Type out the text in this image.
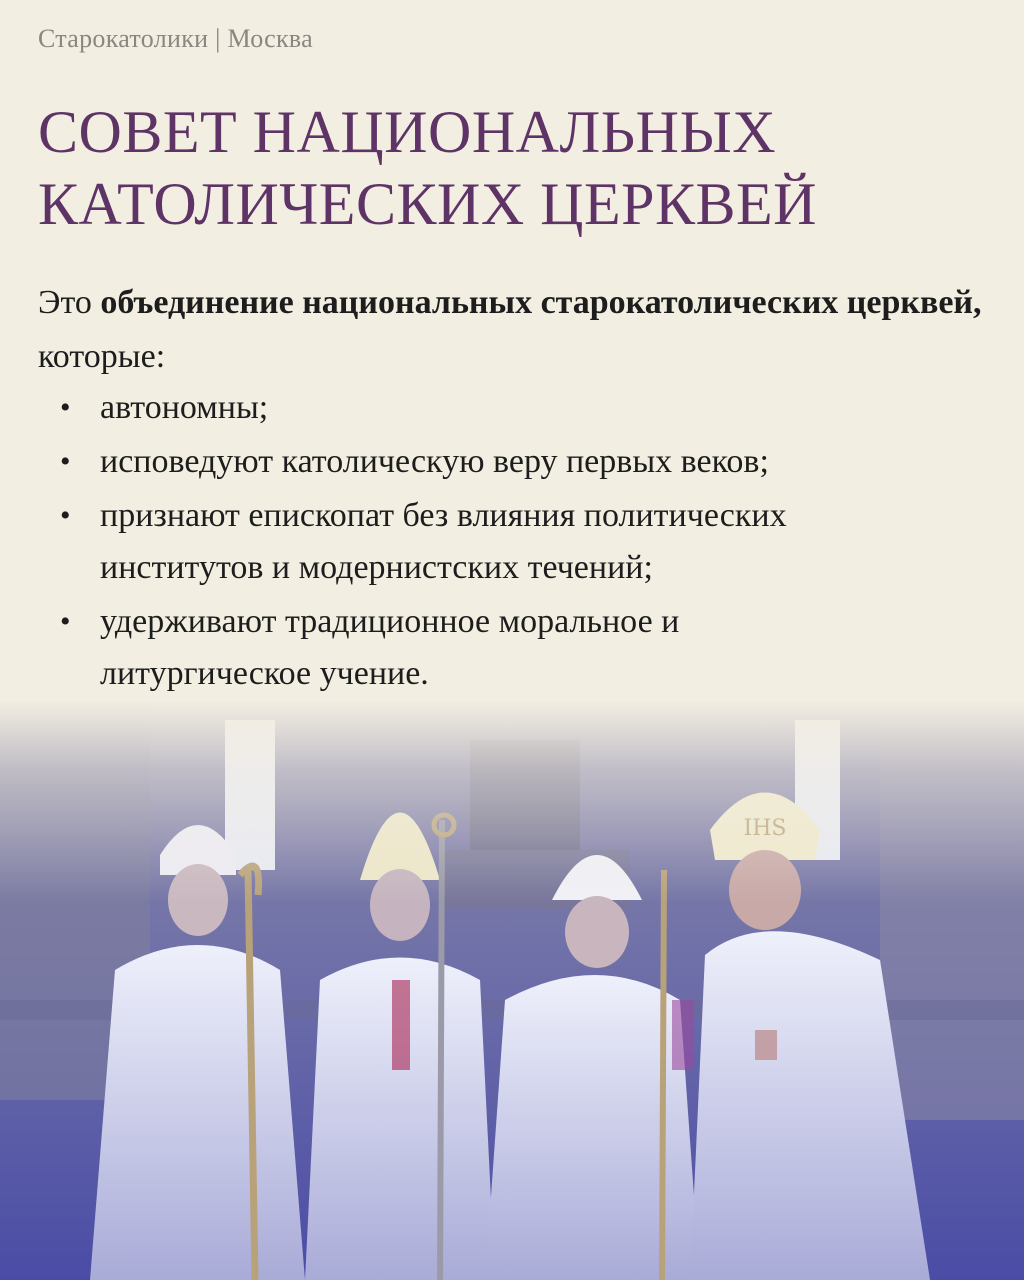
Старокатолики | Москва
СОВЕТ НАЦИОНАЛЬНЫХ
КАТОЛИЧЕСКИХ ЦЕРКВЕЙ
Это объединение национальных старокатолических церквей, которые:
• автономны;
• исповедуют католическую веру первых веков;
• признают епископат без влияния политических институтов и модернистских течений;
• удерживают традиционное моральное и литургическое учение.
